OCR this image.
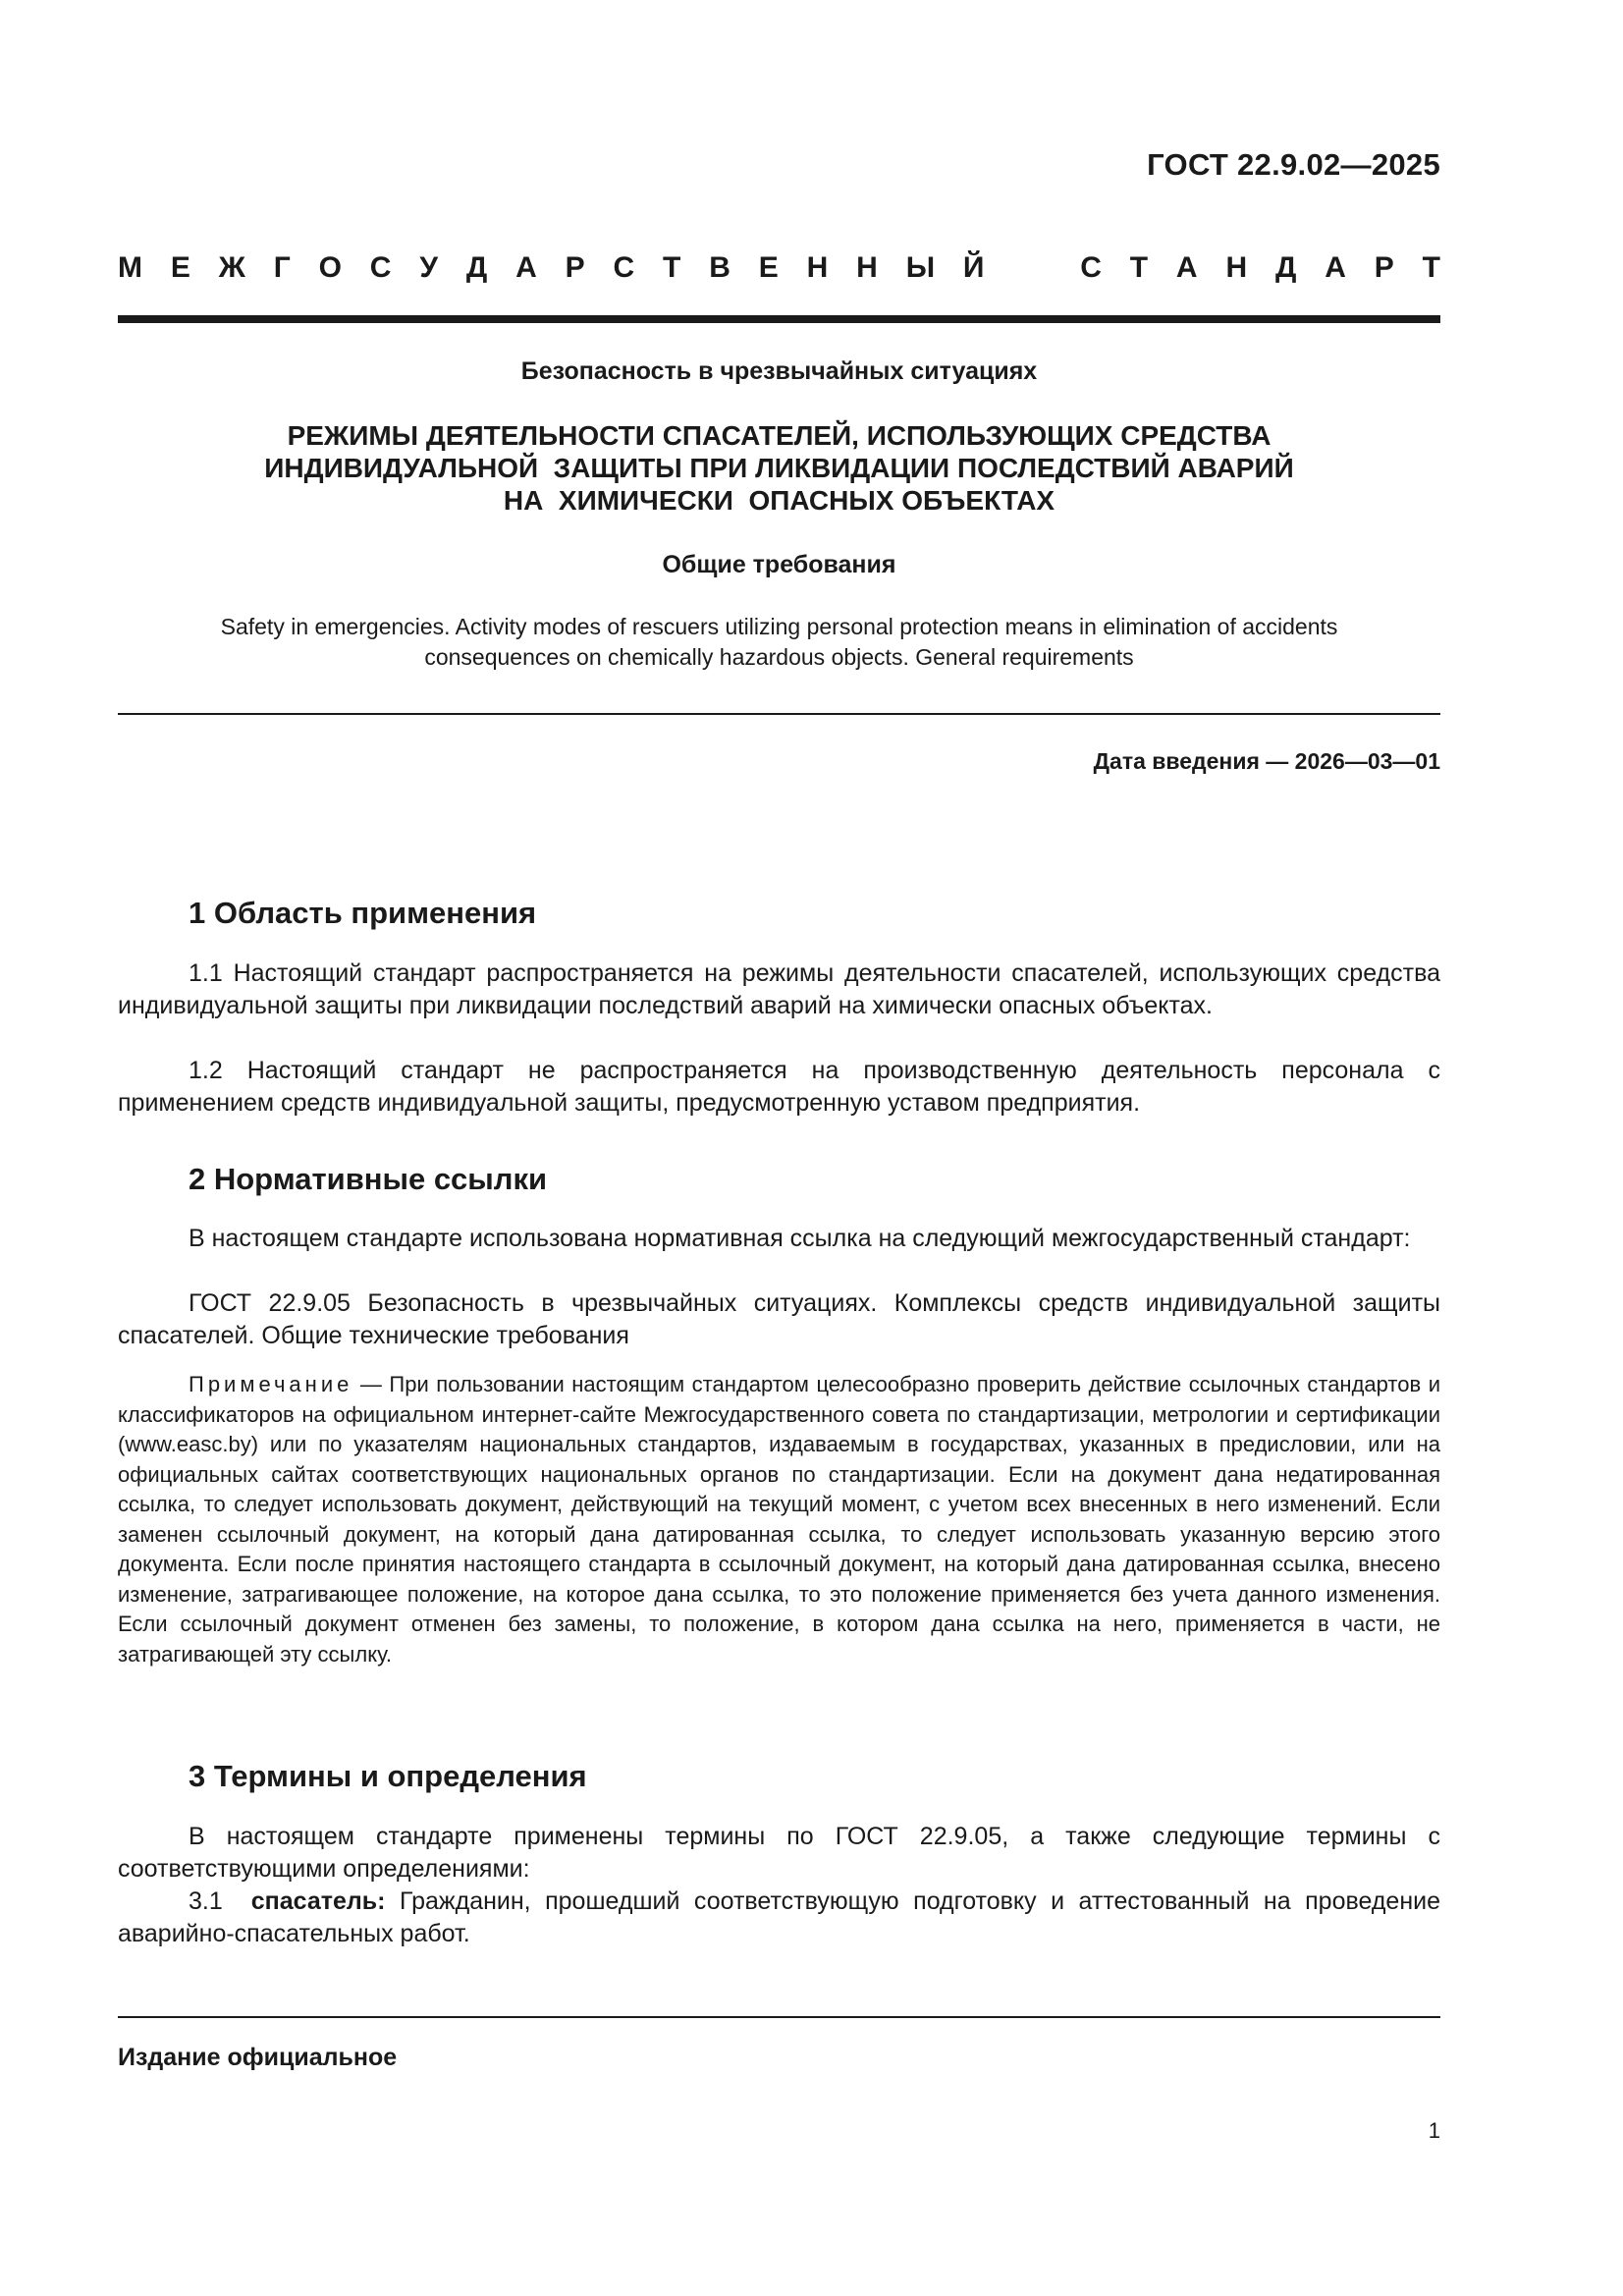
ГОСТ 22.9.02—2025
М Е Ж Г О С У Д А Р С Т В Е Н Н Ы Й	С Т А Н Д А Р Т
Безопасность в чрезвычайных ситуациях
РЕЖИМЫ ДЕЯТЕЛЬНОСТИ СПАСАТЕЛЕЙ, ИСПОЛЬЗУЮЩИХ СРЕДСТВА
ИНДИВИДУАЛЬНОЙ  ЗАЩИТЫ ПРИ ЛИКВИДАЦИИ ПОСЛЕДСТВИЙ АВАРИЙ
НА  ХИМИЧЕСКИ  ОПАСНЫХ ОБЪЕКТАХ
Общие требования
Safety in emergencies. Activity modes of rescuers utilizing personal protection means in elimination of accidents
consequences on chemically hazardous objects. General requirements
Дата введения — 2026—03—01
1 Область применения

1.1 Настоящий стандарт распространяется на режимы деятельности спасателей, использующих средства индивидуальной защиты при ликвидации последствий аварий на химически опасных объектах.

1.2 Настоящий стандарт не распространяется на производственную деятельность персонала с применением средств индивидуальной защиты, предусмотренную уставом предприятия.

2 Нормативные ссылки

В настоящем стандарте использована нормативная ссылка на следующий межгосударственный стандарт:

ГОСТ 22.9.05 Безопасность в чрезвычайных ситуациях. Комплексы средств индивидуальной защиты спасателей. Общие технические требования

Примечание — При пользовании настоящим стандартом целесообразно проверить действие ссылочных стандартов и классификаторов на официальном интернет-сайте Межгосударственного совета по стандартизации, метрологии и сертификации (www.easc.by) или по указателям национальных стандартов, издаваемым в государствах, указанных в предисловии, или на официальных сайтах соответствующих национальных органов по стандартизации. Если на документ дана недатированная ссылка, то следует использовать документ, действующий на текущий момент, с учетом всех внесенных в него изменений. Если заменен ссылочный документ, на который дана датированная ссылка, то следует использовать указанную версию этого документа. Если после принятия настоящего стандарта в ссылочный документ, на который дана датированная ссылка, внесено изменение, затрагивающее положение, на которое дана ссылка, то это положение применяется без учета данного изменения. Если ссылочный документ отменен без замены, то положение, в котором дана ссылка на него, применяется в части, не затрагивающей эту ссылку.

3 Термины и определения

В настоящем стандарте применены термины по ГОСТ 22.9.05, а также следующие термины с соответствующими определениями:

3.1  спасатель: Гражданин, прошедший соответствующую подготовку и аттестованный на проведение аварийно-спасательных работ.

Издание официальное
1
